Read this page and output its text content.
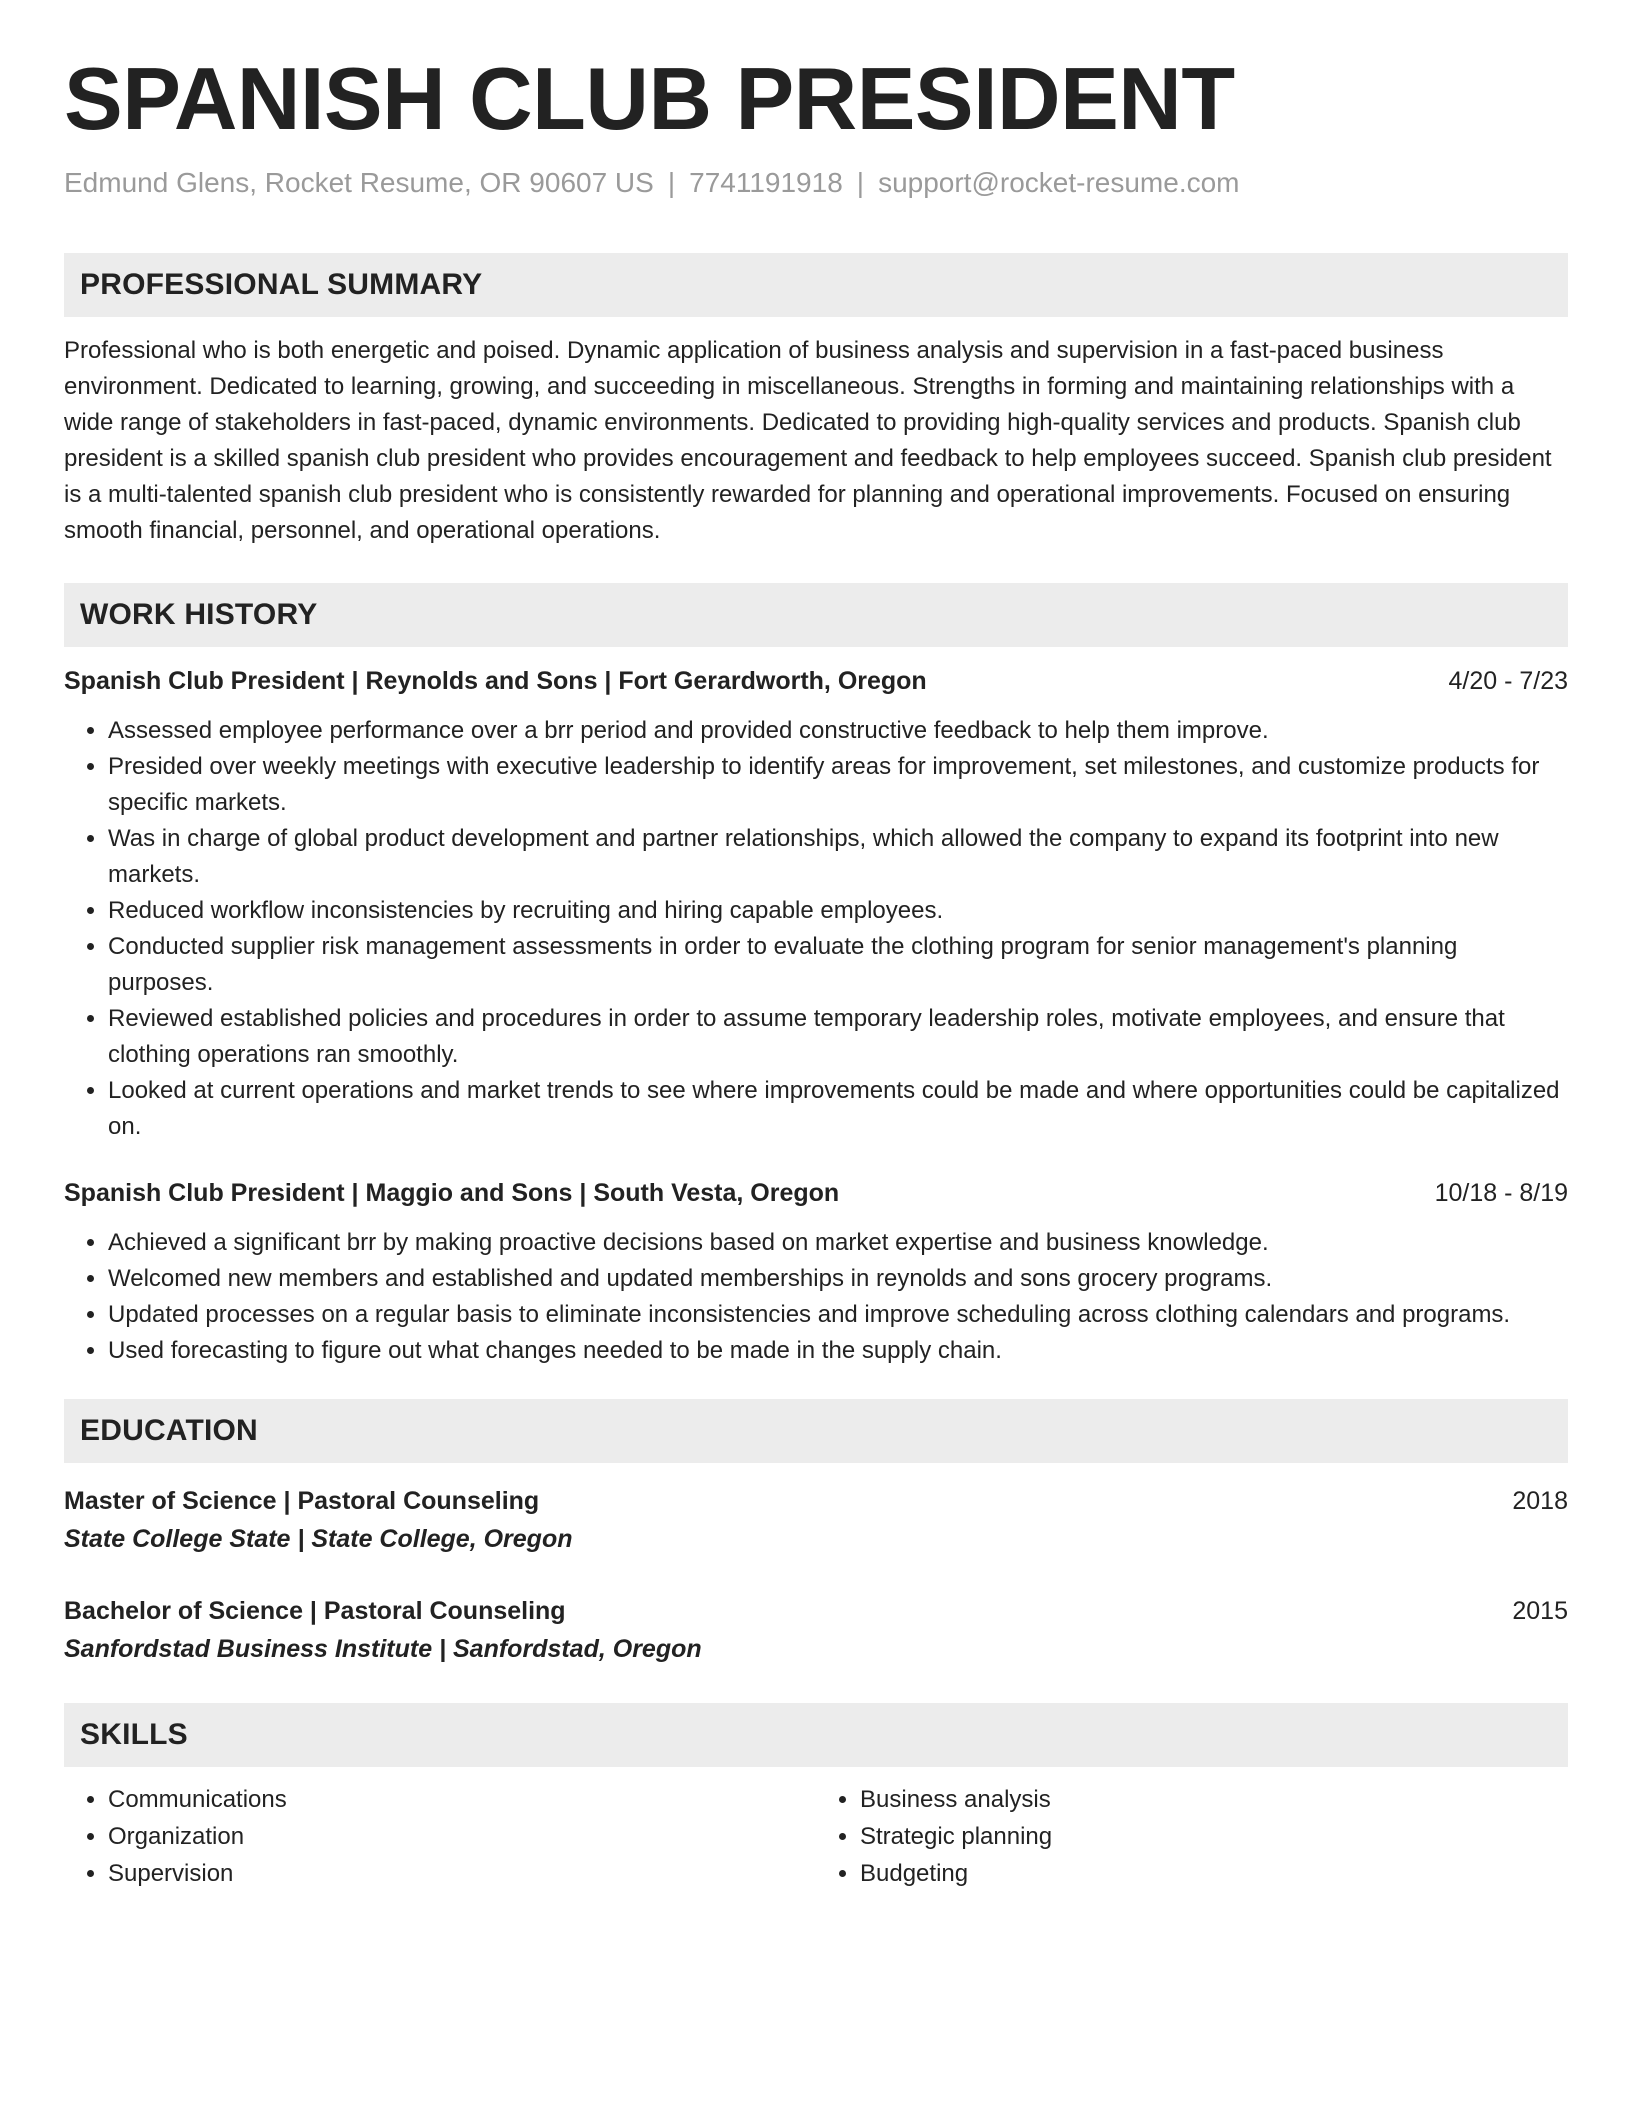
SPANISH CLUB PRESIDENT
Edmund Glens, Rocket Resume, OR 90607 US | 7741191918 | support@rocket-resume.com
PROFESSIONAL SUMMARY
Professional who is both energetic and poised. Dynamic application of business analysis and supervision in a fast-paced business environment. Dedicated to learning, growing, and succeeding in miscellaneous. Strengths in forming and maintaining relationships with a wide range of stakeholders in fast-paced, dynamic environments. Dedicated to providing high-quality services and products. Spanish club president is a skilled spanish club president who provides encouragement and feedback to help employees succeed. Spanish club president is a multi-talented spanish club president who is consistently rewarded for planning and operational improvements. Focused on ensuring smooth financial, personnel, and operational operations.
WORK HISTORY
Spanish Club President | Reynolds and Sons | Fort Gerardworth, Oregon	4/20 - 7/23
• Assessed employee performance over a brr period and provided constructive feedback to help them improve.
• Presided over weekly meetings with executive leadership to identify areas for improvement, set milestones, and customize products for specific markets.
• Was in charge of global product development and partner relationships, which allowed the company to expand its footprint into new markets.
• Reduced workflow inconsistencies by recruiting and hiring capable employees.
• Conducted supplier risk management assessments in order to evaluate the clothing program for senior management's planning purposes.
• Reviewed established policies and procedures in order to assume temporary leadership roles, motivate employees, and ensure that clothing operations ran smoothly.
• Looked at current operations and market trends to see where improvements could be made and where opportunities could be capitalized on.
Spanish Club President | Maggio and Sons | South Vesta, Oregon	10/18 - 8/19
• Achieved a significant brr by making proactive decisions based on market expertise and business knowledge.
• Welcomed new members and established and updated memberships in reynolds and sons grocery programs.
• Updated processes on a regular basis to eliminate inconsistencies and improve scheduling across clothing calendars and programs.
• Used forecasting to figure out what changes needed to be made in the supply chain.
EDUCATION
Master of Science | Pastoral Counseling	2018
State College State | State College, Oregon
Bachelor of Science | Pastoral Counseling	2015
Sanfordstad Business Institute | Sanfordstad, Oregon
SKILLS
• Communications
• Organization
• Supervision
• Business analysis
• Strategic planning
• Budgeting
